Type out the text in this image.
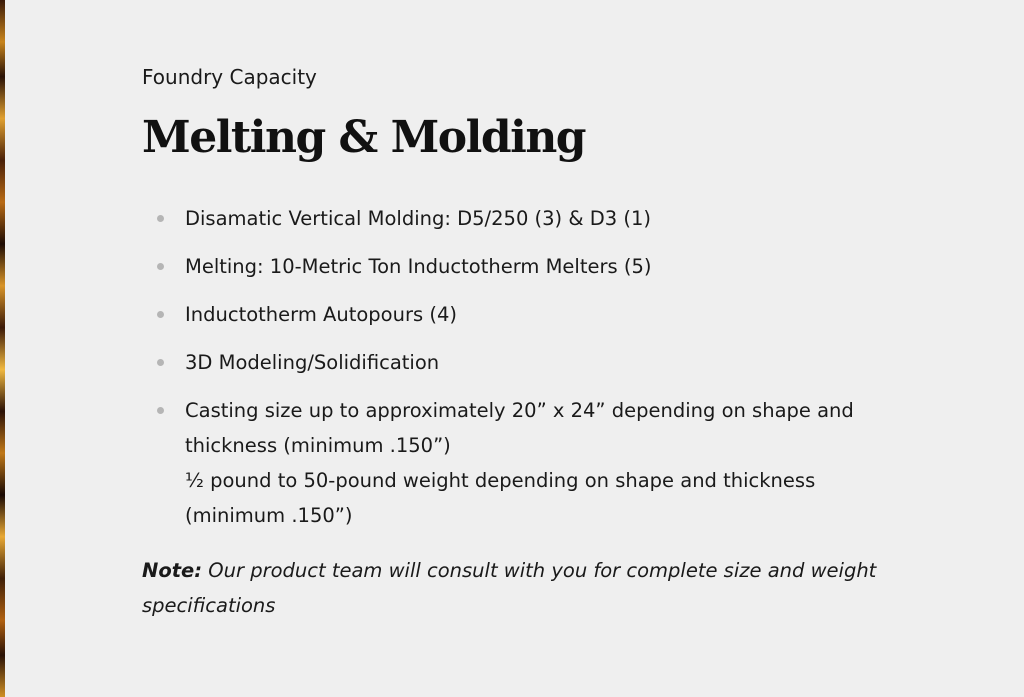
Foundry Capacity

Melting & Molding
Disamatic Vertical Molding: D5/250 (3) & D3 (1)
Melting: 10-Metric Ton Inductotherm Melters (5)
Inductotherm Autopours (4)
3D Modeling/Solidification
Casting size up to approximately 20” x 24” depending on shape and thickness (minimum .150”)
½ pound to 50-pound weight depending on shape and thickness (minimum .150”)

Note: Our product team will consult with you for complete size and weight specifications
